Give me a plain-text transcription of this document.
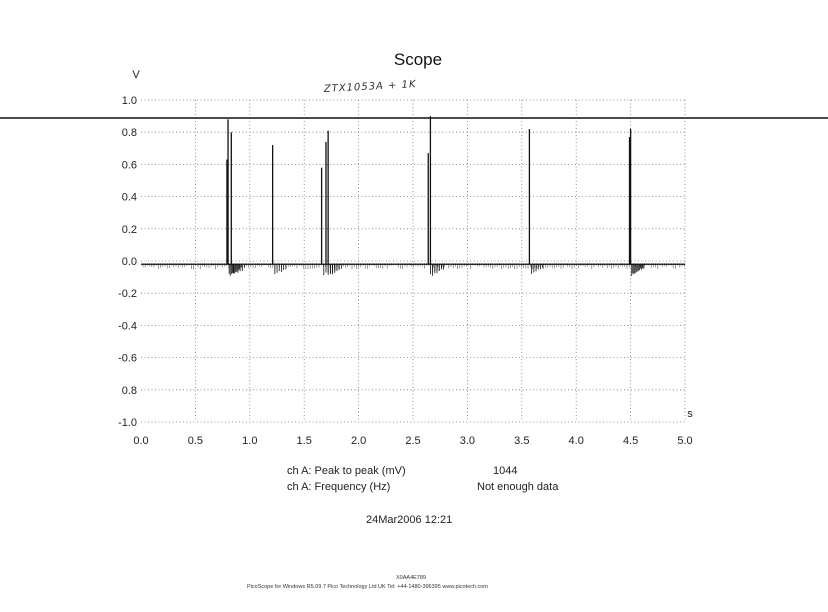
Scope
ZTX1053A + 1K
V
s
1.0
0.8
0.6
0.4
0.2
0.0
-0.2
-0.4
-0.6
0.8
-1.0
0.0	0.5	1.0	1.5	2.0	2.5	3.0	3.5	4.0	4.5	5.0
ch A: Peak to peak (mV)	1044
ch A: Frequency (Hz)	Not enough data
24Mar2006 12:21
X0AA4E789
PicoScope for Windows R5.09.7 Pico Technology Ltd UK Tel: +44-1480-396395 www.picotech.com
